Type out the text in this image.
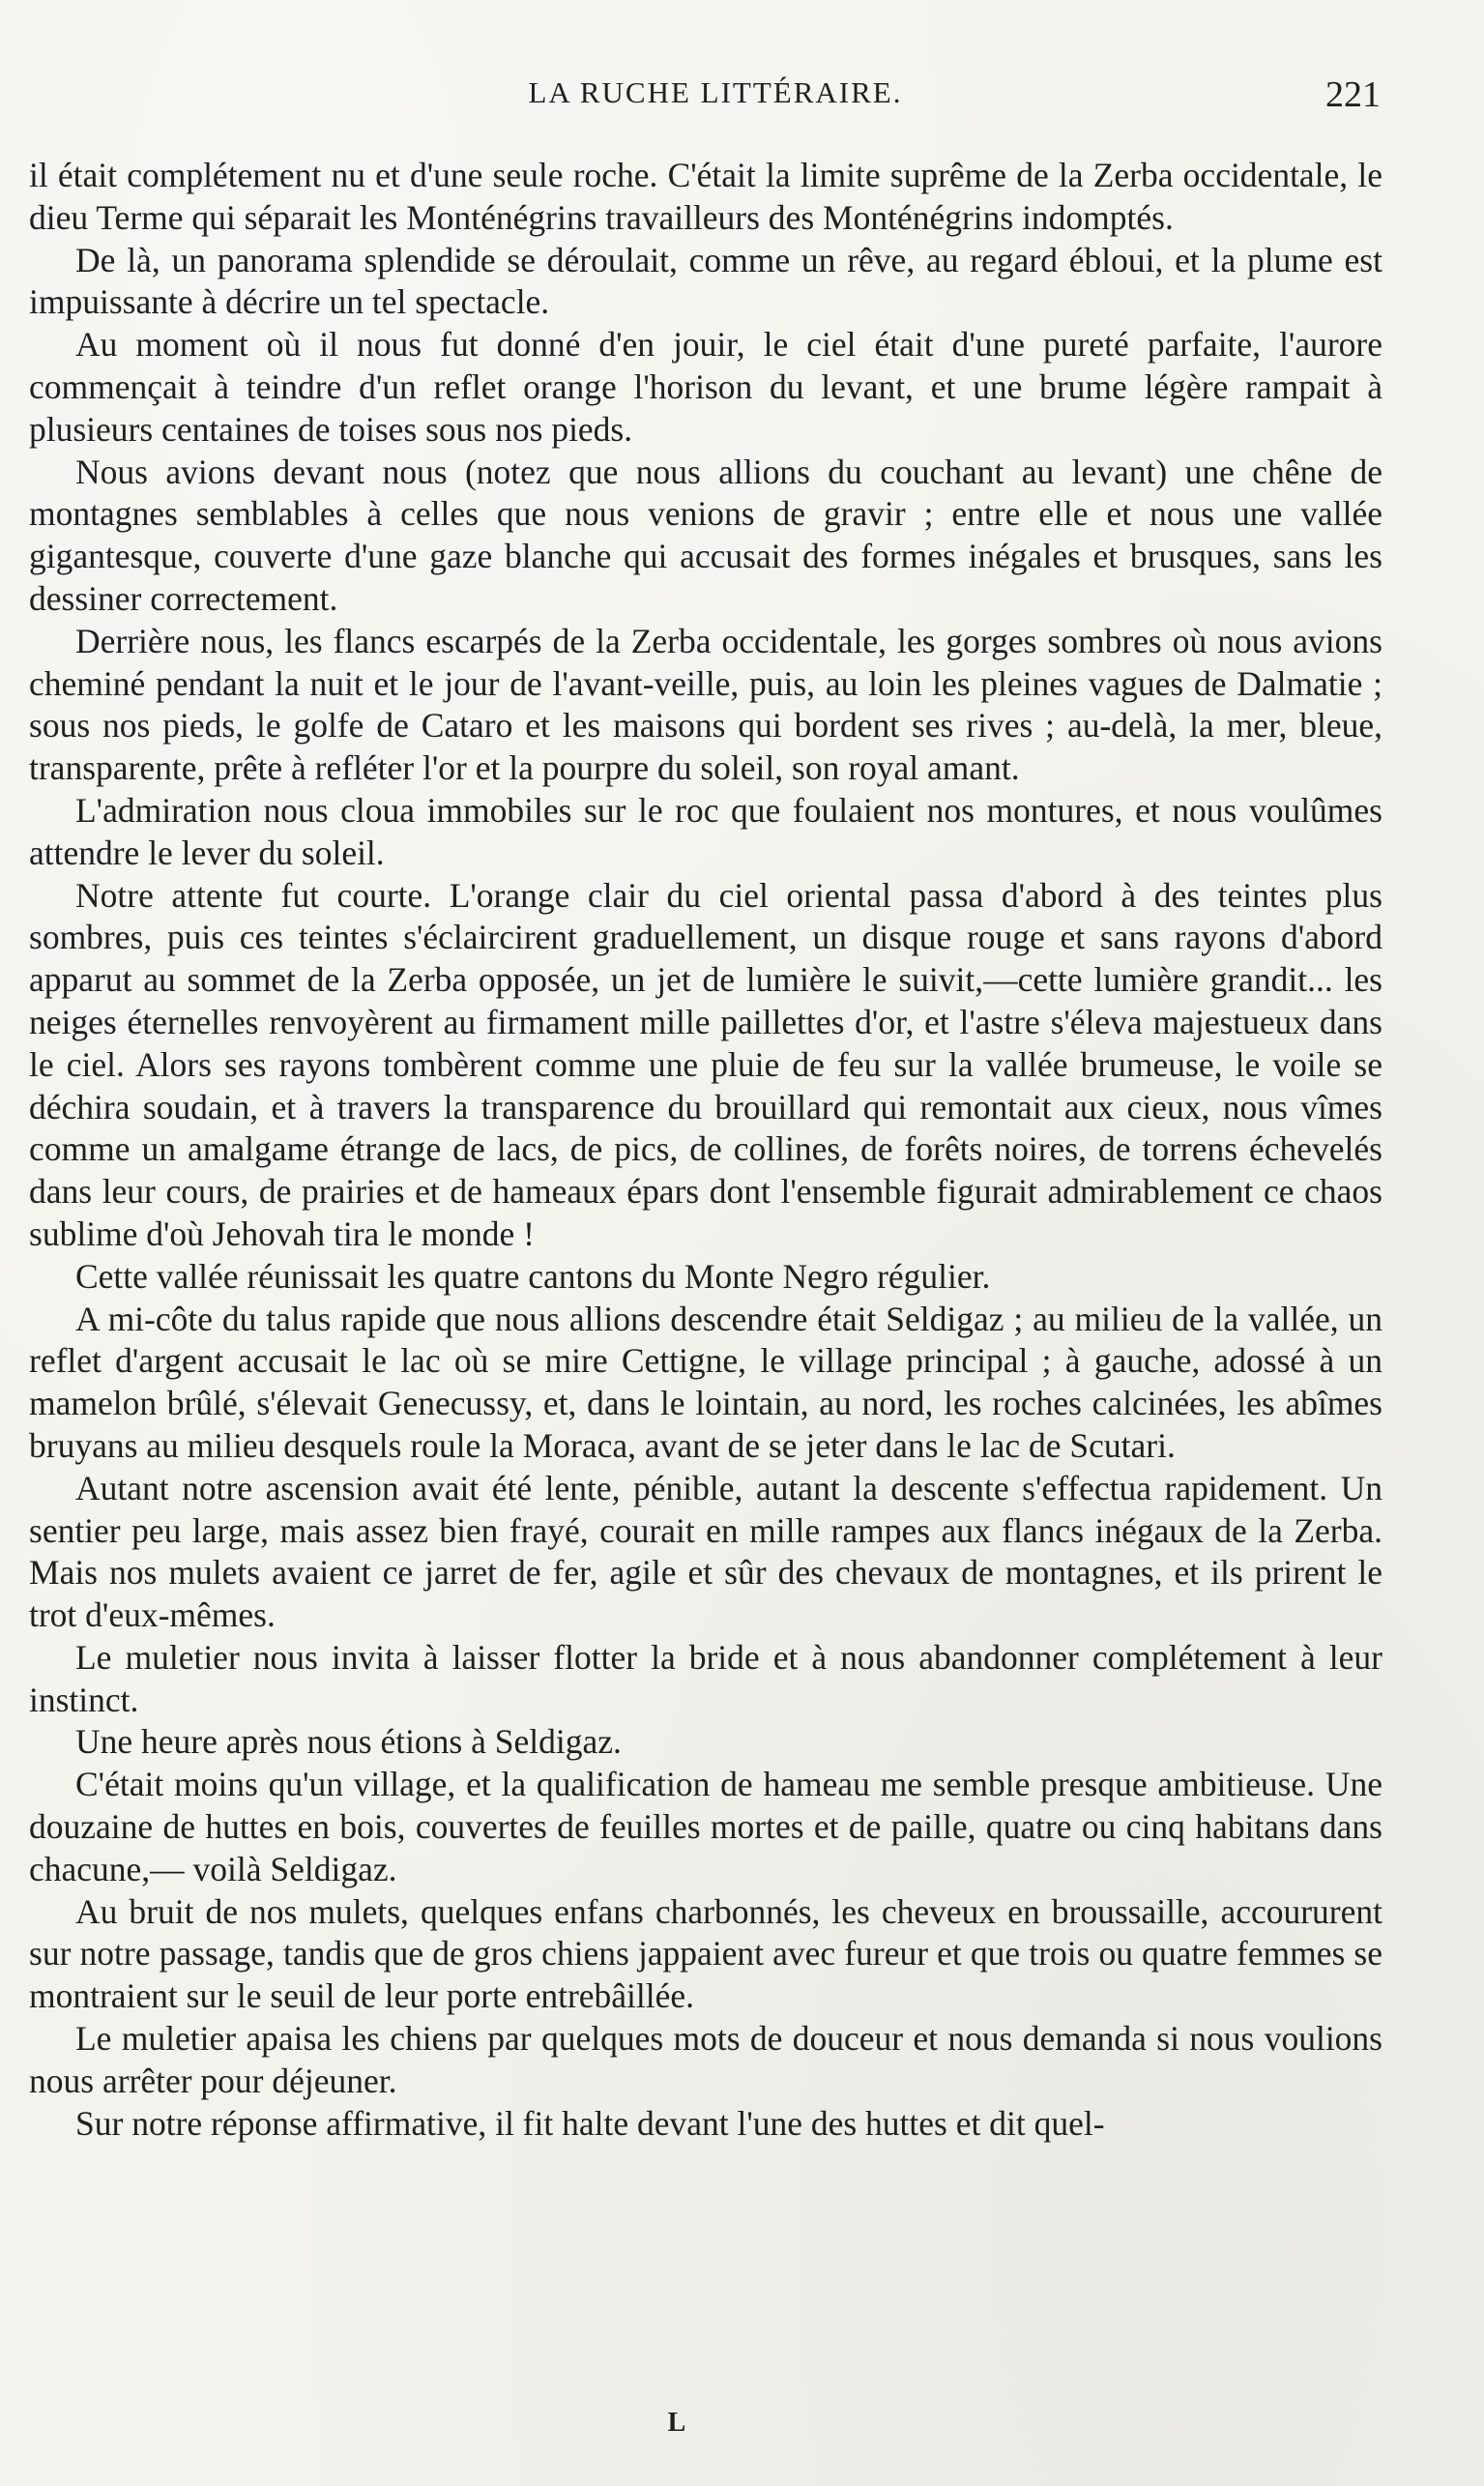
LA RUCHE LITTÉRAIRE.	221

il était complétement nu et d'une seule roche. C'était la limite suprême de la Zerba occidentale, le dieu Terme qui séparait les Monténégrins travailleurs des Monténégrins indomptés.

De là, un panorama splendide se déroulait, comme un rêve, au regard ébloui, et la plume est impuissante à décrire un tel spectacle.

Au moment où il nous fut donné d'en jouir, le ciel était d'une pureté parfaite, l'aurore commençait à teindre d'un reflet orange l'horison du levant, et une brume légère rampait à plusieurs centaines de toises sous nos pieds.

Nous avions devant nous (notez que nous allions du couchant au levant) une chêne de montagnes semblables à celles que nous venions de gravir ; entre elle et nous une vallée gigantesque, couverte d'une gaze blanche qui accusait des formes inégales et brusques, sans les dessiner correctement.

Derrière nous, les flancs escarpés de la Zerba occidentale, les gorges sombres où nous avions cheminé pendant la nuit et le jour de l'avant-veille, puis, au loin les pleines vagues de Dalmatie ; sous nos pieds, le golfe de Cataro et les maisons qui bordent ses rives ; au-delà, la mer, bleue, transparente, prête à refléter l'or et la pourpre du soleil, son royal amant.

L'admiration nous cloua immobiles sur le roc que foulaient nos montures, et nous voulûmes attendre le lever du soleil.

Notre attente fut courte. L'orange clair du ciel oriental passa d'abord à des teintes plus sombres, puis ces teintes s'éclaircirent graduellement, un disque rouge et sans rayons d'abord apparut au sommet de la Zerba opposée, un jet de lumière le suivit,—cette lumière grandit... les neiges éternelles renvoyèrent au firmament mille paillettes d'or, et l'astre s'éleva majestueux dans le ciel. Alors ses rayons tombèrent comme une pluie de feu sur la vallée brumeuse, le voile se déchira soudain, et à travers la transparence du brouillard qui remontait aux cieux, nous vîmes comme un amalgame étrange de lacs, de pics, de collines, de forêts noires, de torrens échevelés dans leur cours, de prairies et de hameaux épars dont l'ensemble figurait admirablement ce chaos sublime d'où Jehovah tira le monde !

Cette vallée réunissait les quatre cantons du Monte Negro régulier.

A mi-côte du talus rapide que nous allions descendre était Seldigaz ; au milieu de la vallée, un reflet d'argent accusait le lac où se mire Cettigne, le village principal ; à gauche, adossé à un mamelon brûlé, s'élevait Genecussy, et, dans le lointain, au nord, les roches calcinées, les abîmes bruyans au milieu desquels roule la Moraca, avant de se jeter dans le lac de Scutari.

Autant notre ascension avait été lente, pénible, autant la descente s'effectua rapidement. Un sentier peu large, mais assez bien frayé, courait en mille rampes aux flancs inégaux de la Zerba. Mais nos mulets avaient ce jarret de fer, agile et sûr des chevaux de montagnes, et ils prirent le trot d'eux-mêmes.

Le muletier nous invita à laisser flotter la bride et à nous abandonner complétement à leur instinct.

Une heure après nous étions à Seldigaz.

C'était moins qu'un village, et la qualification de hameau me semble presque ambitieuse. Une douzaine de huttes en bois, couvertes de feuilles mortes et de paille, quatre ou cinq habitans dans chacune,— voilà Seldigaz.

Au bruit de nos mulets, quelques enfans charbonnés, les cheveux en broussaille, accoururent sur notre passage, tandis que de gros chiens jappaient avec fureur et que trois ou quatre femmes se montraient sur le seuil de leur porte entrebâillée.

Le muletier apaisa les chiens par quelques mots de douceur et nous demanda si nous voulions nous arrêter pour déjeuner.

Sur notre réponse affirmative, il fit halte devant l'une des huttes et dit quel-

L
